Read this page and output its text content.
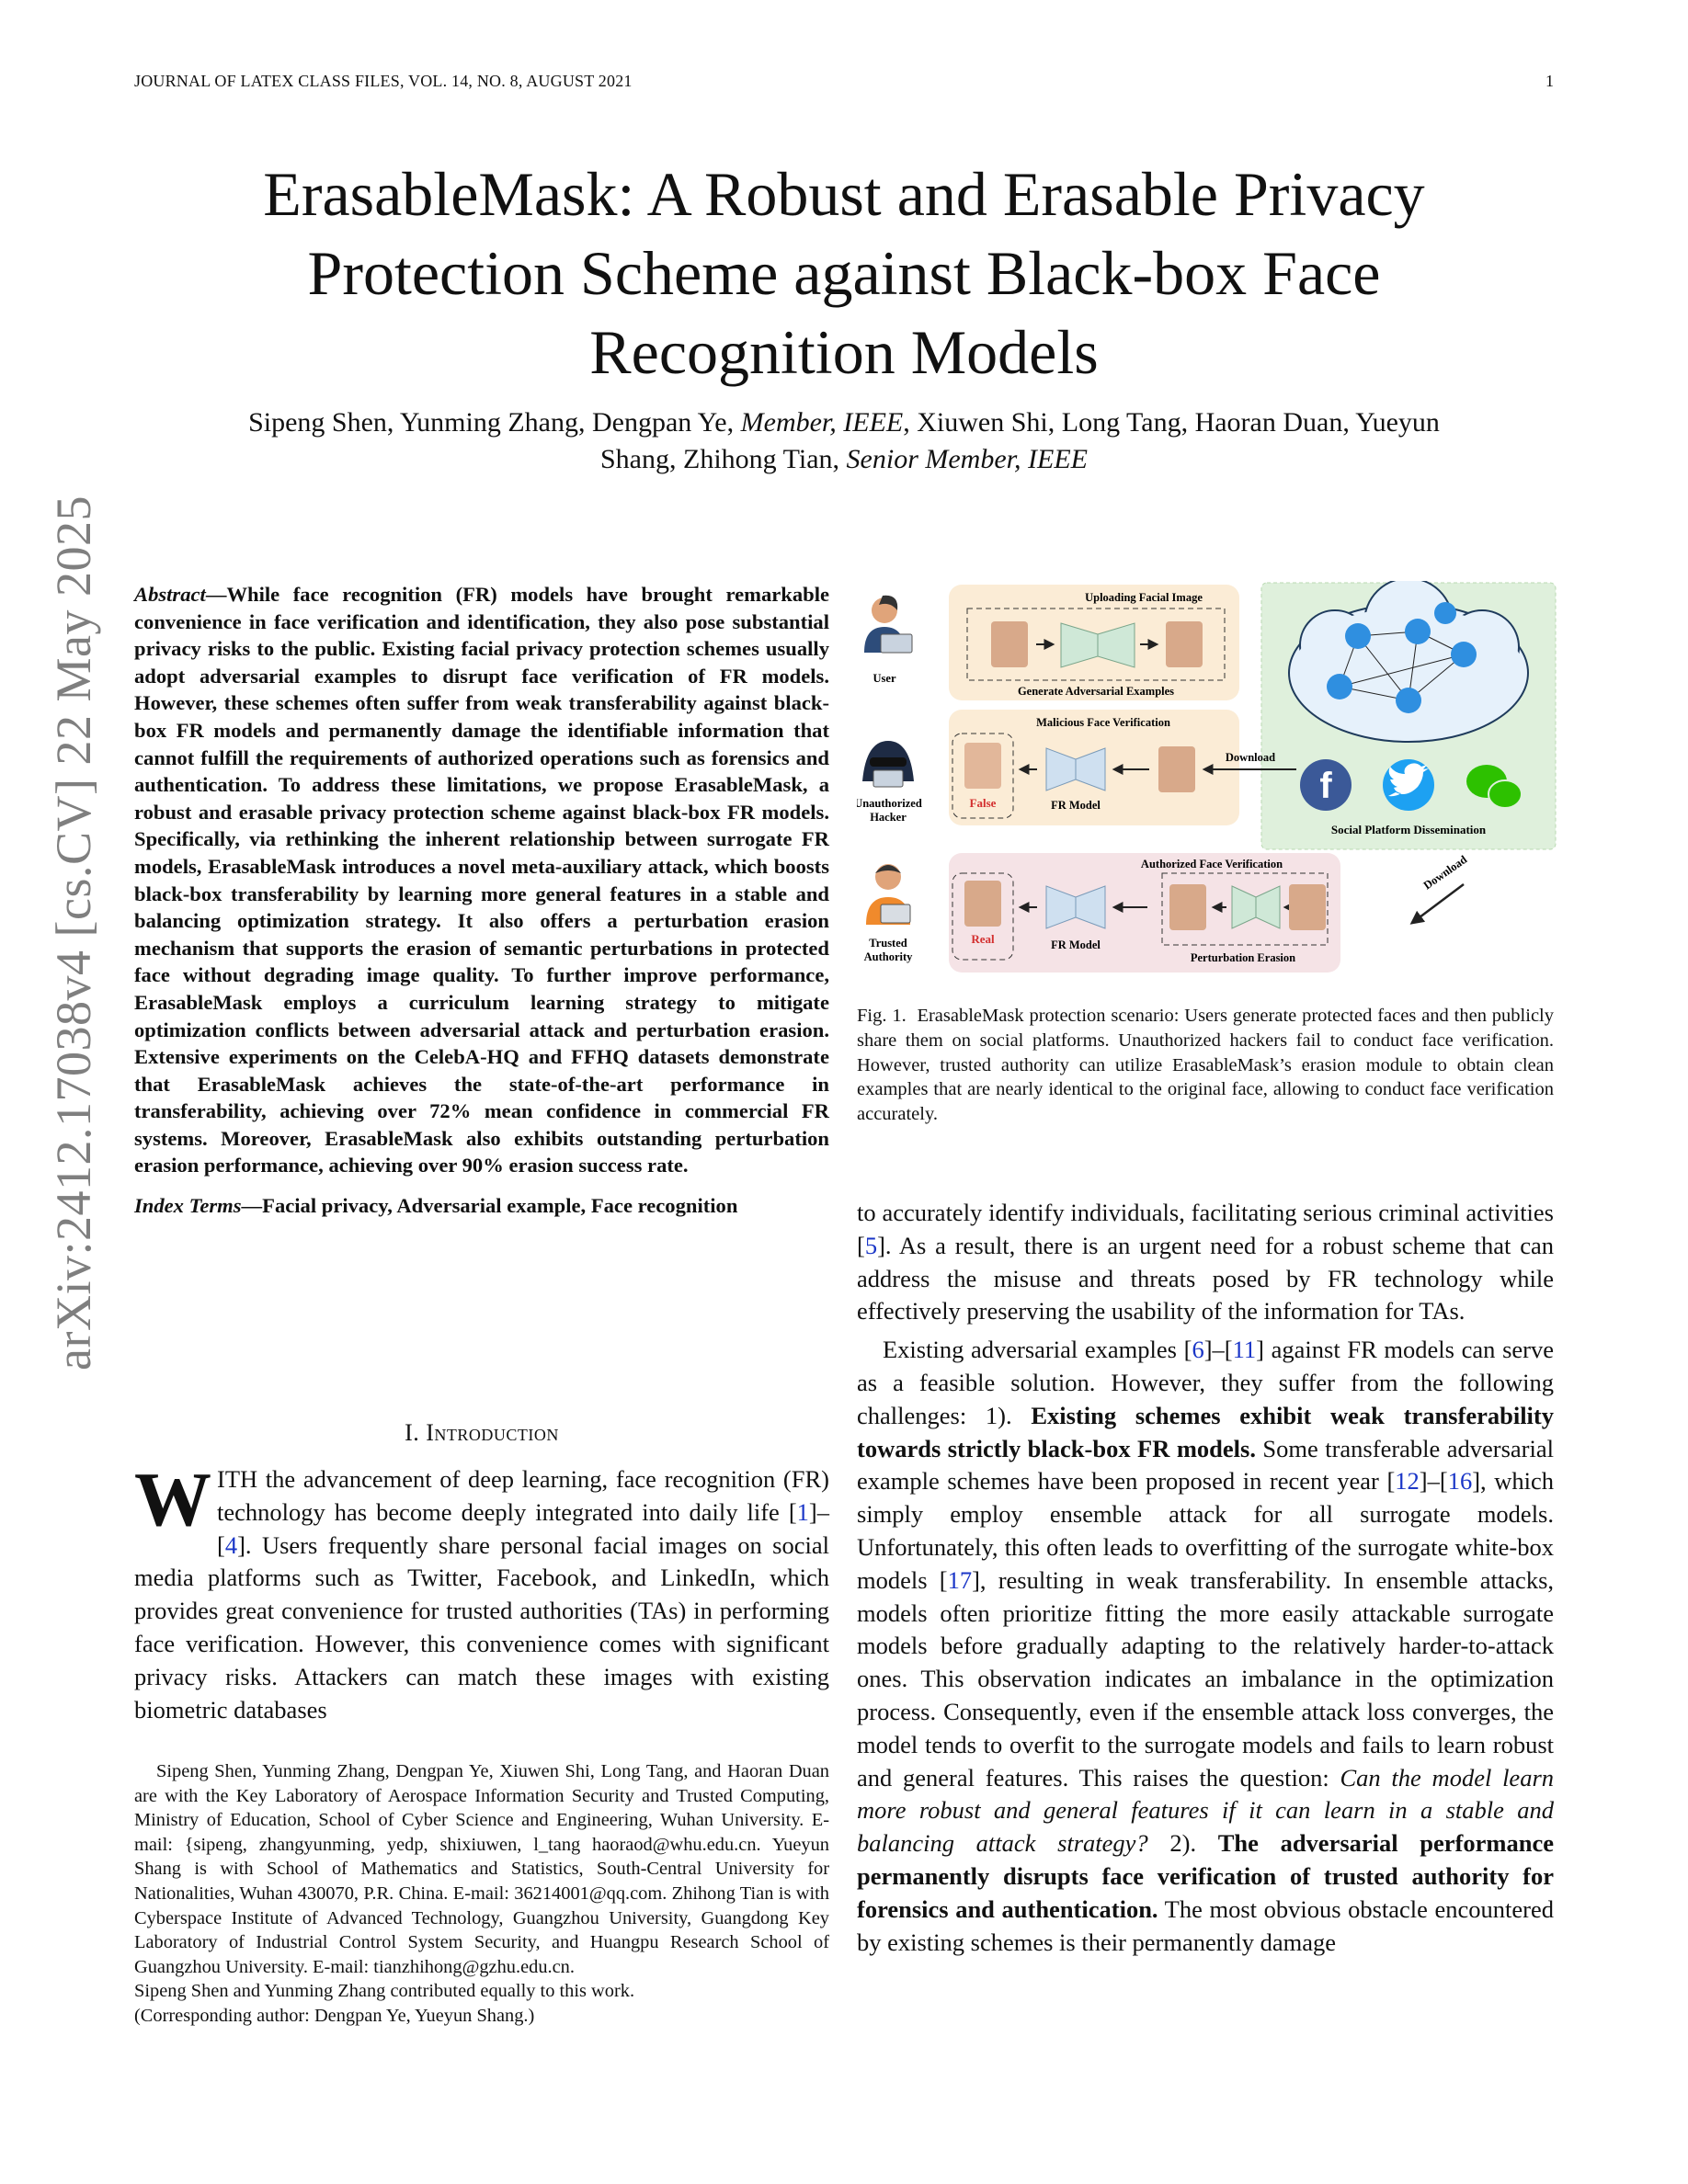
JOURNAL OF LATEX CLASS FILES, VOL. 14, NO. 8, AUGUST 2021	1
arXiv:2412.17038v4 [cs.CV] 22 May 2025
ErasableMask: A Robust and Erasable Privacy
Protection Scheme against Black-box Face
Recognition Models
Sipeng Shen, Yunming Zhang, Dengpan Ye, Member, IEEE, Xiuwen Shi, Long Tang, Haoran Duan, Yueyun
Shang, Zhihong Tian, Senior Member, IEEE

Abstract—While face recognition (FR) models have brought remarkable convenience in face verification and identification, they also pose substantial privacy risks to the public. Existing facial privacy protection schemes usually adopt adversarial examples to disrupt face verification of FR models. However, these schemes often suffer from weak transferability against black-box FR models and permanently damage the identifiable information that cannot fulfill the requirements of authorized operations such as forensics and authentication. To address these limitations, we propose ErasableMask, a robust and erasable privacy protection scheme against black-box FR models. Specifically, via rethinking the inherent relationship between surrogate FR models, ErasableMask introduces a novel meta-auxiliary attack, which boosts black-box transferability by learning more general features in a stable and balancing optimization strategy. It also offers a perturbation erasion mechanism that supports the erasion of semantic perturbations in protected face without degrading image quality. To further improve performance, ErasableMask employs a curriculum learning strategy to mitigate optimization conflicts between adversarial attack and perturbation erasion. Extensive experiments on the CelebA-HQ and FFHQ datasets demonstrate that ErasableMask achieves the state-of-the-art performance in transferability, achieving over 72% mean confidence in commercial FR systems. Moreover, ErasableMask also exhibits outstanding perturbation erasion performance, achieving over 90% erasion success rate.

Index Terms—Facial privacy, Adversarial example, Face recognition

I. Introduction

WITH the advancement of deep learning, face recognition (FR) technology has become deeply integrated into daily life [1]–[4]. Users frequently share personal facial images on social media platforms such as Twitter, Facebook, and LinkedIn, which provides great convenience for trusted authorities (TAs) in performing face verification. However, this convenience comes with significant privacy risks. Attackers can match these images with existing biometric databases

Sipeng Shen, Yunming Zhang, Dengpan Ye, Xiuwen Shi, Long Tang, and Haoran Duan are with the Key Laboratory of Aerospace Information Security and Trusted Computing, Ministry of Education, School of Cyber Science and Engineering, Wuhan University. E-mail: {sipeng, zhangyunming, yedp, shixiuwen, l_tang haoraod@whu.edu.cn. Yueyun Shang is with School of Mathematics and Statistics, South-Central University for Nationalities, Wuhan 430070, P.R. China. E-mail: 36214001@qq.com. Zhihong Tian is with Cyberspace Institute of Advanced Technology, Guangzhou University, Guangdong Key Laboratory of Industrial Control System Security, and Huangpu Research School of Guangzhou University. E-mail: tianzhihong@gzhu.edu.cn.

Sipeng Shen and Yunming Zhang contributed equally to this work.

(Corresponding author: Dengpan Ye, Yueyun Shang.)

f
Social Platform Dissemination
Uploading Facial Image
Generate Adversarial Examples
User
Malicious Face Verification
False	FR Model
Download
Unauthorized
Hacker
Authorized Face Verification
Real	FR Model
Perturbation Erasion
Download
Trusted
Authority
Fig. 1. ErasableMask protection scenario: Users generate protected faces and then publicly share them on social platforms. Unauthorized hackers fail to conduct face verification. However, trusted authority can utilize ErasableMask’s erasion module to obtain clean examples that are nearly identical to the original face, allowing to conduct face verification accurately.

to accurately identify individuals, facilitating serious criminal activities [5]. As a result, there is an urgent need for a robust scheme that can address the misuse and threats posed by FR technology while effectively preserving the usability of the information for TAs.

Existing adversarial examples [6]–[11] against FR models can serve as a feasible solution. However, they suffer from the following challenges: 1). Existing schemes exhibit weak transferability towards strictly black-box FR models. Some transferable adversarial example schemes have been proposed in recent year [12]–[16], which simply employ ensemble attack for all surrogate models. Unfortunately, this often leads to overfitting of the surrogate white-box models [17], resulting in weak transferability. In ensemble attacks, models often prioritize fitting the more easily attackable surrogate models before gradually adapting to the relatively harder-to-attack ones. This observation indicates an imbalance in the optimization process. Consequently, even if the ensemble attack loss converges, the model tends to overfit to the surrogate models and fails to learn robust and general features. This raises the question: Can the model learn more robust and general features if it can learn in a stable and balancing attack strategy? 2). The adversarial performance permanently disrupts face verification of trusted authority for forensics and authentication. The most obvious obstacle encountered by existing schemes is their permanently damage
